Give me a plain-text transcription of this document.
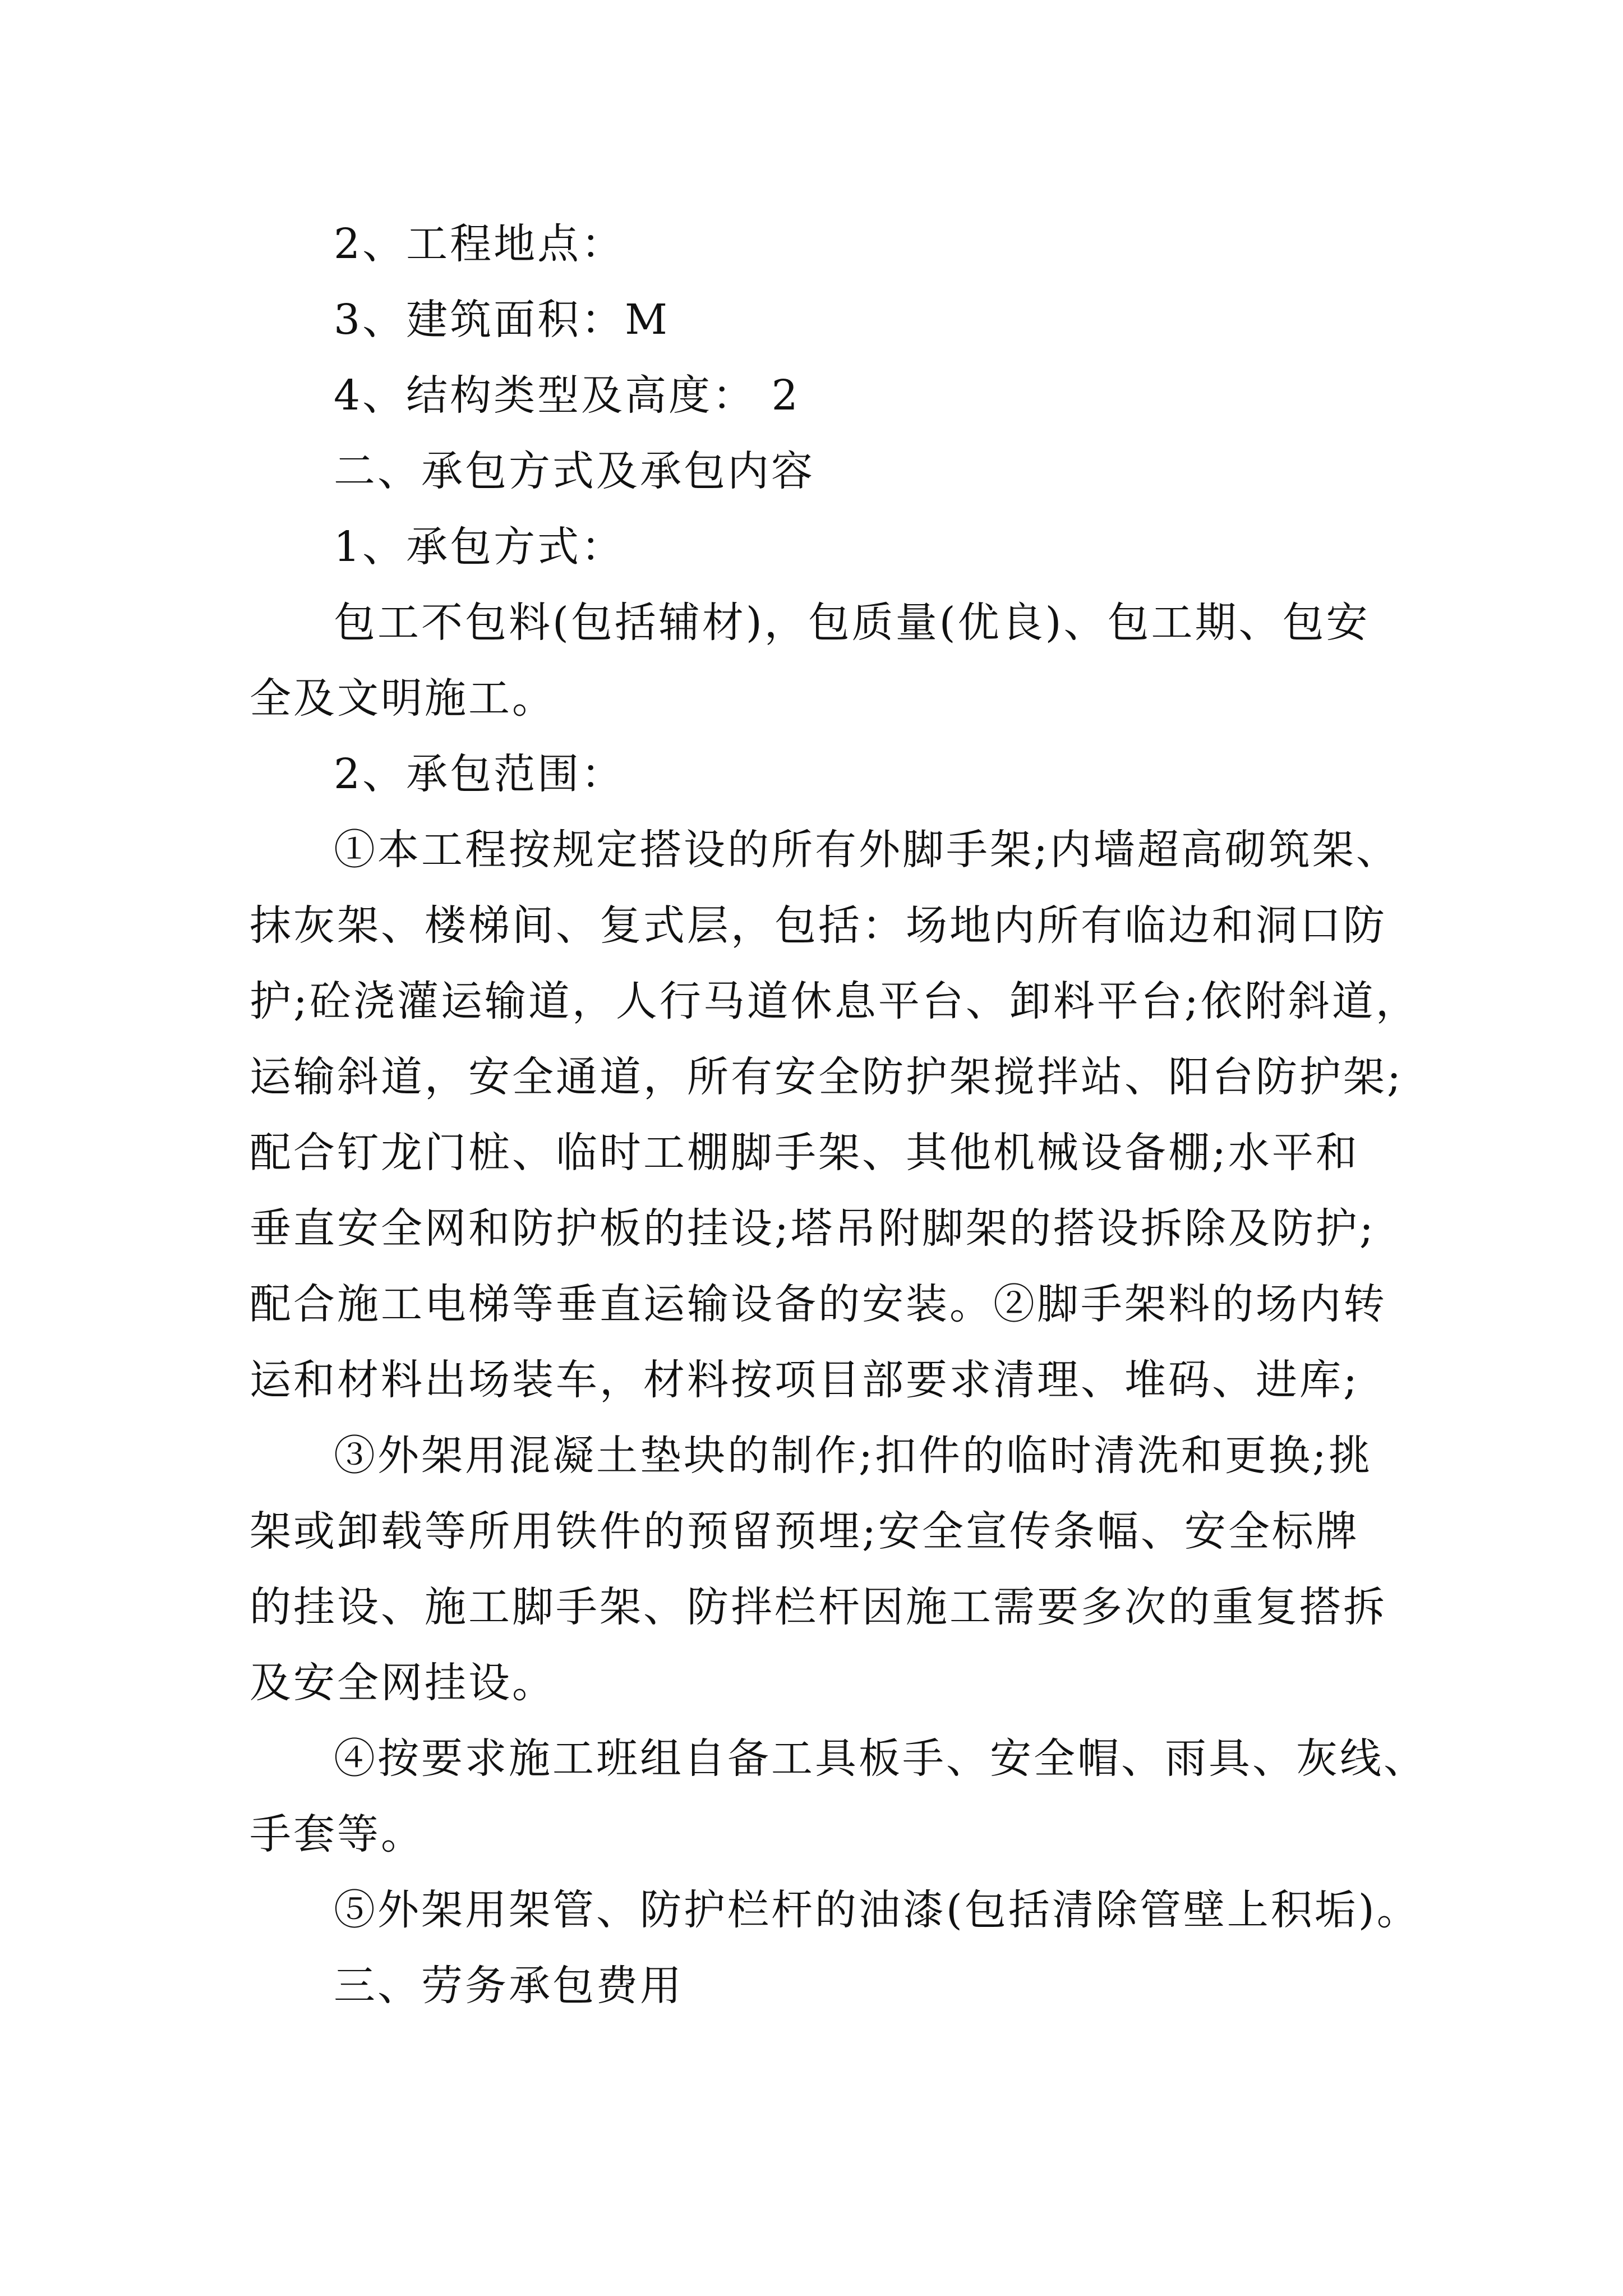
2、工程地点：
3、建筑面积：M
4、结构类型及高度： 2
二、承包方式及承包内容
1、承包方式：
包工不包料(包括辅材)，包质量(优良)、包工期、包安
全及文明施工。
2、承包范围：
①本工程按规定搭设的所有外脚手架;内墙超高砌筑架、
抹灰架、楼梯间、复式层，包括：场地内所有临边和洞口防
护;砼浇灌运输道，人行马道休息平台、卸料平台;依附斜道，
运输斜道，安全通道，所有安全防护架搅拌站、阳台防护架;
配合钉龙门桩、临时工棚脚手架、其他机械设备棚;水平和
垂直安全网和防护板的挂设;塔吊附脚架的搭设拆除及防护;
配合施工电梯等垂直运输设备的安装。②脚手架料的场内转
运和材料出场装车，材料按项目部要求清理、堆码、进库;
③外架用混凝土垫块的制作;扣件的临时清洗和更换;挑
架或卸载等所用铁件的预留预埋;安全宣传条幅、安全标牌
的挂设、施工脚手架、防拌栏杆因施工需要多次的重复搭拆
及安全网挂设。
④按要求施工班组自备工具板手、安全帽、雨具、灰线、
手套等。
⑤外架用架管、防护栏杆的油漆(包括清除管壁上积垢)。
三、劳务承包费用
